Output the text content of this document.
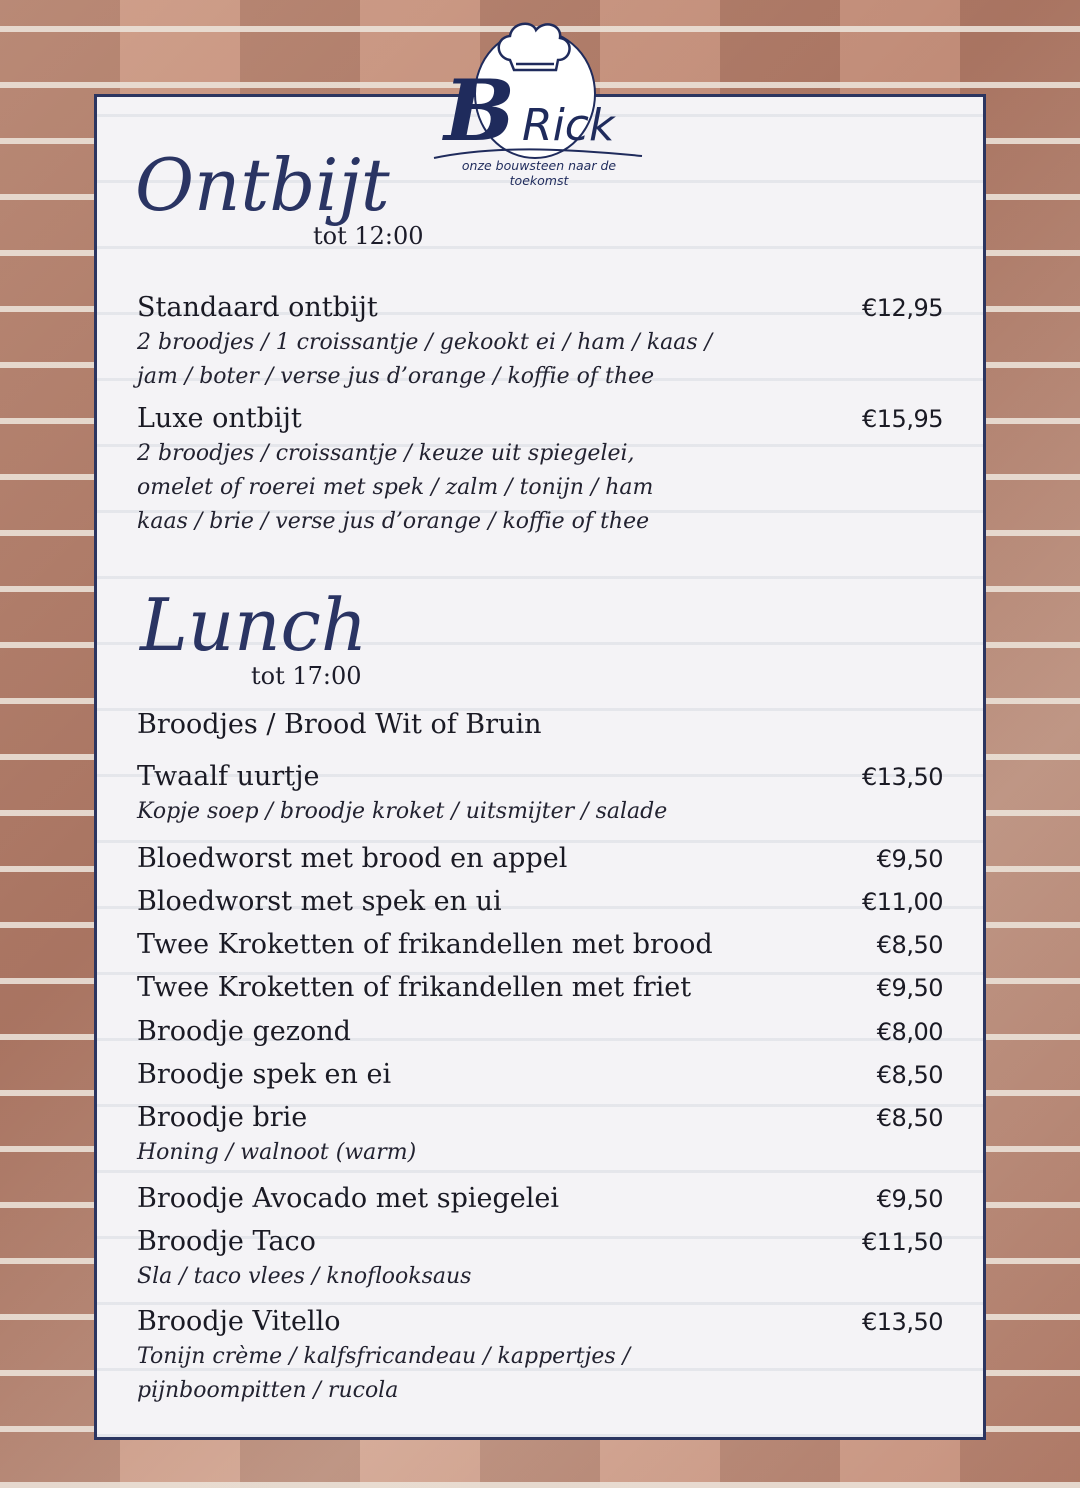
B Rick
onze bouwsteen naar de toekomst
Ontbijt
tot 12:00
Standaard ontbijt	€12,95
2 broodjes / 1 croissantje / gekookt ei / ham / kaas /
jam / boter / verse jus d’orange / koffie of thee
Luxe ontbijt	€15,95
2 broodjes / croissantje / keuze uit spiegelei,
omelet of roerei met spek / zalm / tonijn / ham
kaas / brie / verse jus d’orange / koffie of thee
Lunch
tot 17:00
Broodjes / Brood Wit of Bruin
Twaalf uurtje	€13,50
Kopje soep / broodje kroket / uitsmijter / salade
Bloedworst met brood en appel	€9,50
Bloedworst met spek en ui	€11,00
Twee Kroketten of frikandellen met brood	€8,50
Twee Kroketten of frikandellen met friet	€9,50
Broodje gezond	€8,00
Broodje spek en ei	€8,50
Broodje brie	€8,50
Honing / walnoot (warm)
Broodje Avocado met spiegelei	€9,50
Broodje Taco	€11,50
Sla / taco vlees / knoflooksaus
Broodje Vitello	€13,50
Tonijn crème / kalfsfricandeau / kappertjes /
pijnboompitten / rucola
